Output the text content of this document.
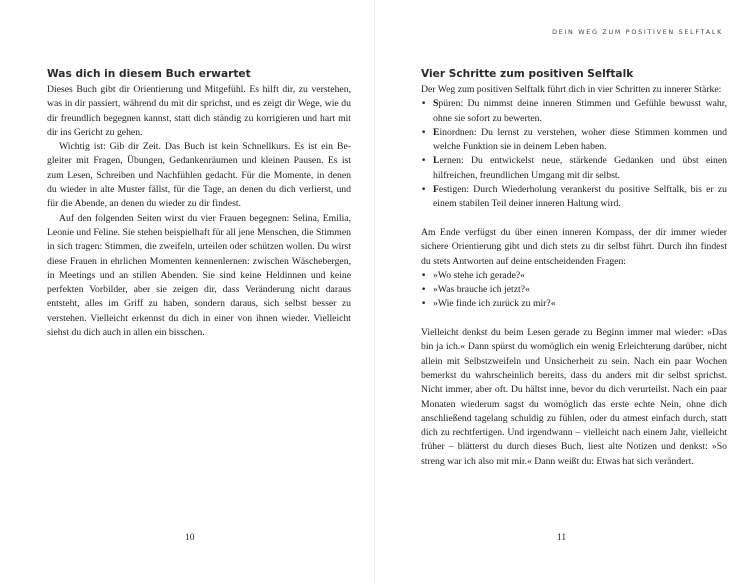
Was dich in diesem Buch erwartet

Dieses Buch gibt dir Orientierung und Mitgefühl. Es hilft dir, zu verstehen, was in dir passiert, während du mit dir sprichst, und es zeigt dir Wege, wie du dir freundlich begegnen kannst, statt dich ständig zu korrigieren und hart mit dir ins Gericht zu gehen.

Wichtig ist: Gib dir Zeit. Das Buch ist kein Schnellkurs. Es ist ein Begleiter mit Fragen, Übungen, Gedankenräumen und kleinen Pausen. Es ist zum Lesen, Schreiben und Nachfühlen gedacht. Für die Momente, in denen du wieder in alte Muster fällst, für die Tage, an denen du dich verlierst, und für die Abende, an denen du wieder zu dir findest.

Auf den folgenden Seiten wirst du vier Frauen begegnen: Selina, Emilia, Leonie und Feline. Sie stehen beispielhaft für all jene Menschen, die Stimmen in sich tragen: Stimmen, die zweifeln, urteilen oder schützen wollen. Du wirst diese Frauen in ehrlichen Momenten kennenlernen: zwischen Wäschebergen, in Meetings und an stillen Abenden. Sie sind keine Heldinnen und keine perfekten Vorbilder, aber sie zeigen dir, dass Veränderung nicht daraus entsteht, alles im Griff zu haben, sondern daraus, sich selbst besser zu verstehen. Vielleicht erkennst du dich in einer von ihnen wieder. Vielleicht siehst du dich auch in allen ein bisschen.

10
DEIN WEG ZUM POSITIVEN SELFTALK
Vier Schritte zum positiven Selftalk

Der Weg zum positiven Selftalk führt dich in vier Schritten zu innerer Stärke:

• Spüren: Du nimmst deine inneren Stimmen und Gefühle bewusst wahr, ohne sie sofort zu bewerten.
• Einordnen: Du lernst zu verstehen, woher diese Stimmen kommen und welche Funktion sie in deinem Leben haben.
• Lernen: Du entwickelst neue, stärkende Gedanken und übst einen hilfreichen, freundlichen Umgang mit dir selbst.
• Festigen: Durch Wiederholung verankerst du positive Selftalk, bis er zu einem stabilen Teil deiner inneren Haltung wird.

Am Ende verfügst du über einen inneren Kompass, der dir immer wieder sichere Orientierung gibt und dich stets zu dir selbst führt. Durch ihn findest du stets Antworten auf deine entscheidenden Fragen:

• »Wo stehe ich gerade?«
• »Was brauche ich jetzt?«
• »Wie finde ich zurück zu mir?«

Vielleicht denkst du beim Lesen gerade zu Beginn immer mal wieder: »Das bin ja ich.« Dann spürst du womöglich ein wenig Erleichterung darüber, nicht allein mit Selbstzweifeln und Unsicherheit zu sein. Nach ein paar Wochen bemerkst du wahrscheinlich bereits, dass du anders mit dir selbst sprichst. Nicht immer, aber oft. Du hältst inne, bevor du dich verurteilst. Nach ein paar Monaten wiederum sagst du womöglich das erste echte Nein, ohne dich anschließend tagelang schuldig zu fühlen, oder du atmest einfach durch, statt dich zu rechtfertigen. Und irgendwann – vielleicht nach einem Jahr, vielleicht früher – blätterst du durch dieses Buch, liest alte Notizen und denkst: »So streng war ich also mit mir.« Dann weißt du: Etwas hat sich verändert.

11
